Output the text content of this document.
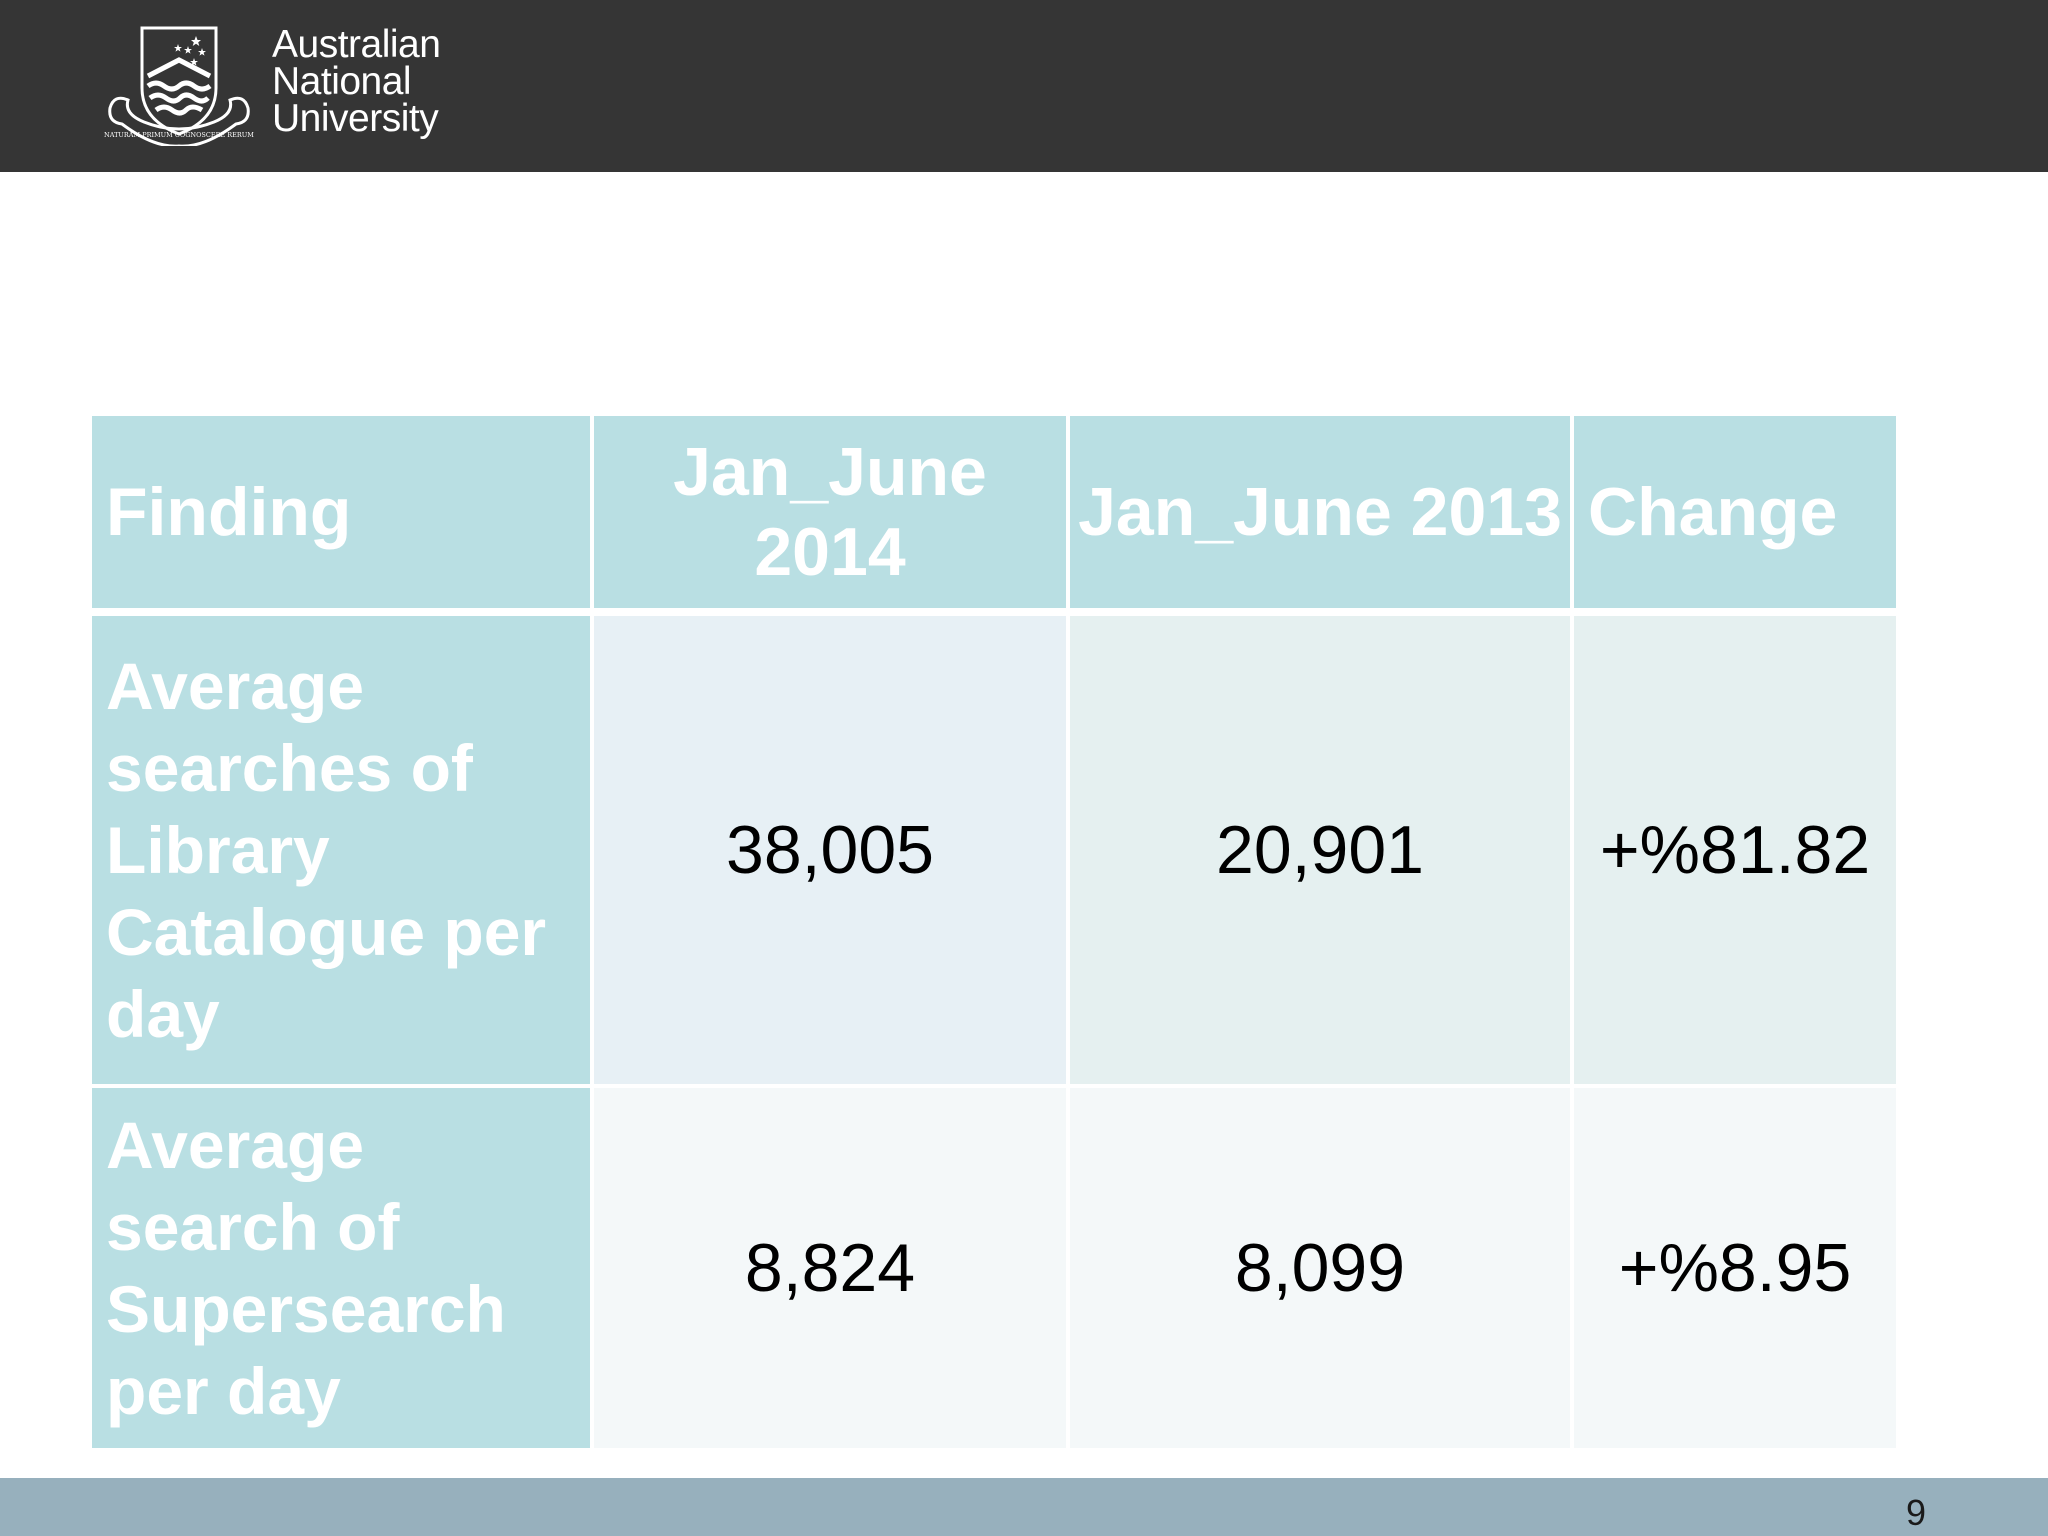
NATURAM PRIMUM COGNOSCERE RERUM
Australian
National
University
Finding	Jan_June 2014	Jan_June 2013	Change
Average searches of Library Catalogue per day	38,005	20,901	+%81.82
Average search of Supersearch per day	8,824	8,099	+%8.95
9
